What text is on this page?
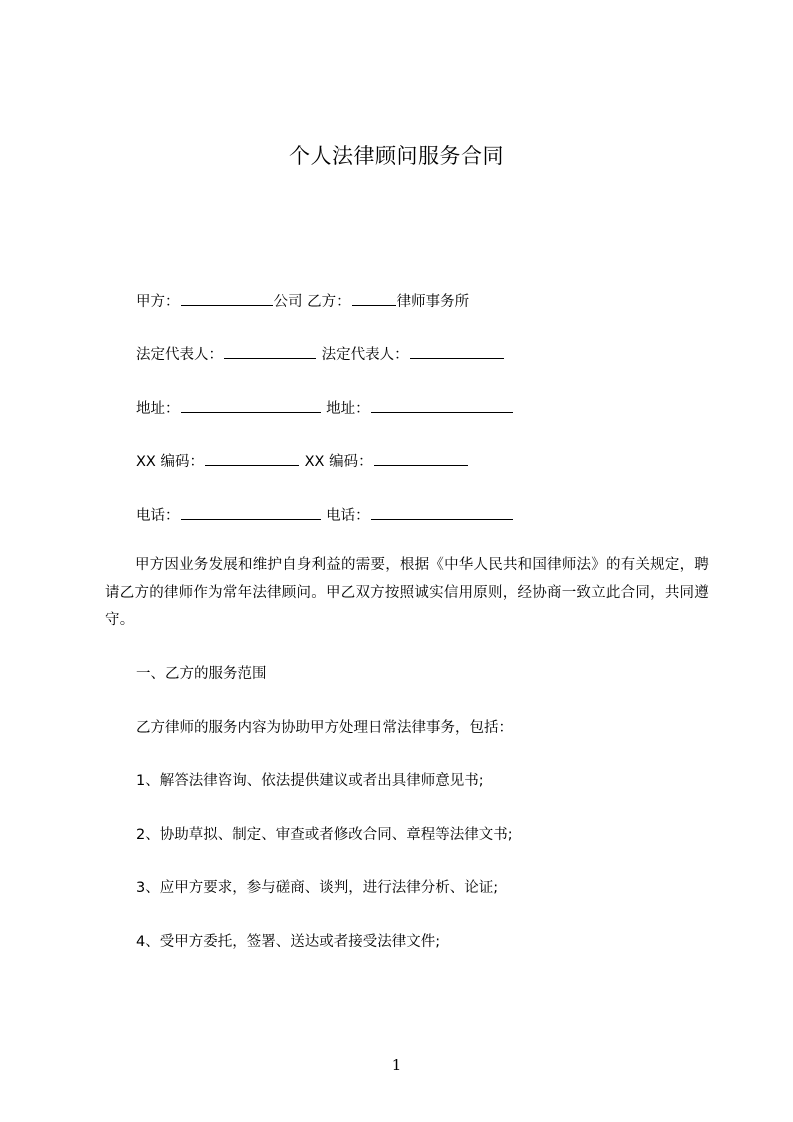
个人法律顾问服务合同
甲方：	公司 乙方：	律师事务所
法定代表人：	法定代表人：
地址：	地址：
XX 编码：	XX 编码：
电话：	电话：
甲方因业务发展和维护自身利益的需要，根据《中华人民共和国律师法》的有关规定，聘请乙方的律师作为常年法律顾问。甲乙双方按照诚实信用原则，经协商一致立此合同，共同遵守。
一、乙方的服务范围
乙方律师的服务内容为协助甲方处理日常法律事务，包括：
1、解答法律咨询、依法提供建议或者出具律师意见书;
2、协助草拟、制定、审查或者修改合同、章程等法律文书;
3、应甲方要求，参与磋商、谈判，进行法律分析、论证;
4、受甲方委托，签署、送达或者接受法律文件;
1
